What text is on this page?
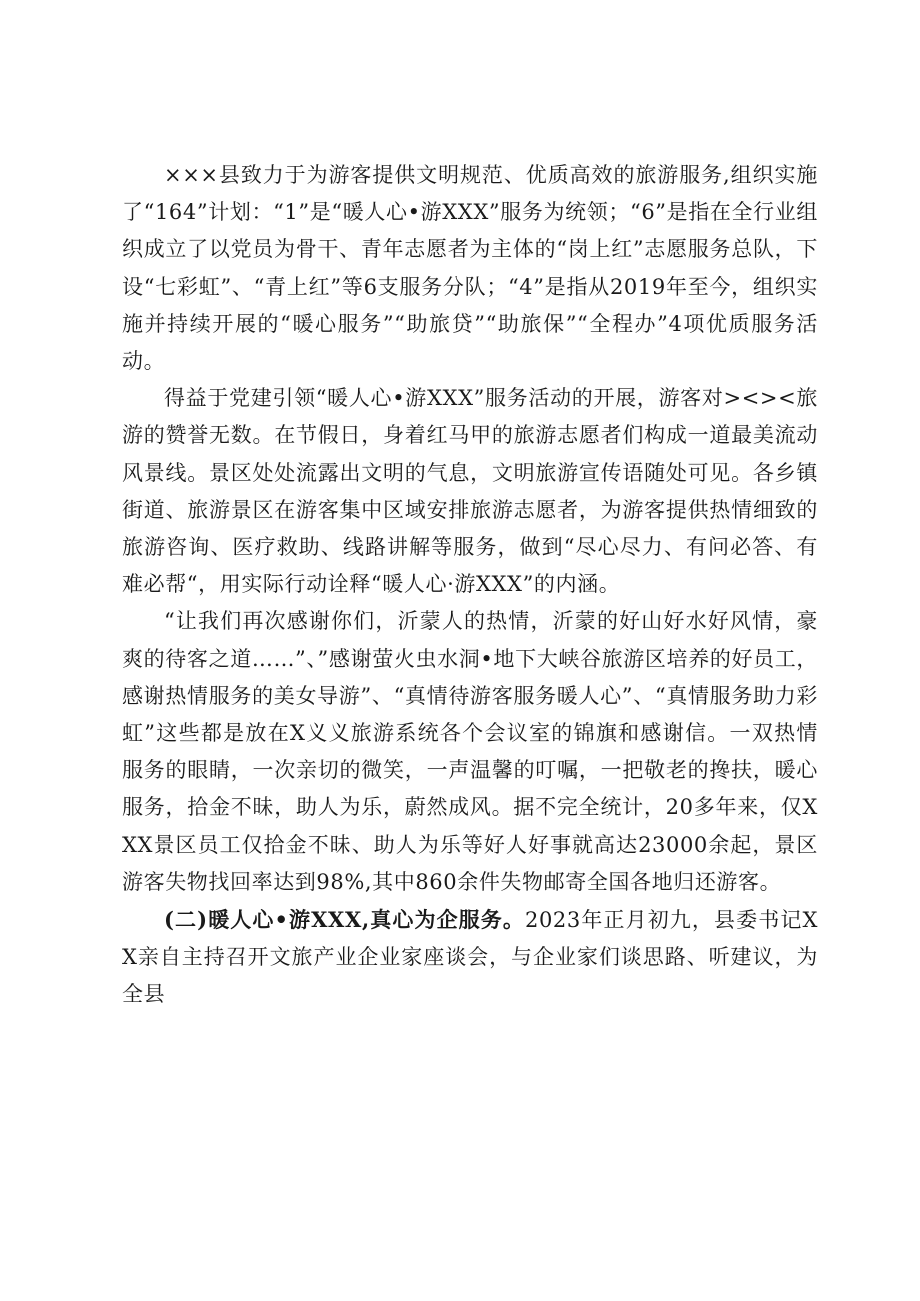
×××县致力于为游客提供文明规范、优质高效的旅游服务,组织实施了“164”计划：“1”是“暖人心•游XXX”服务为统领；“6”是指在全行业组织成立了以党员为骨干、青年志愿者为主体的“岗上红”志愿服务总队，下设“七彩虹”、“青上红”等6支服务分队；“4”是指从2019年至今，组织实施并持续开展的“暖心服务”“助旅贷”“助旅保”“全程办”4项优质服务活动。

得益于党建引领“暖人心•游XXX”服务活动的开展，游客对><><旅游的赞誉无数。在节假日，身着红马甲的旅游志愿者们构成一道最美流动风景线。景区处处流露出文明的气息，文明旅游宣传语随处可见。各乡镇街道、旅游景区在游客集中区域安排旅游志愿者，为游客提供热情细致的旅游咨询、医疗救助、线路讲解等服务，做到“尽心尽力、有问必答、有难必帮“，用实际行动诠释“暖人心·游XXX”的内涵。

“让我们再次感谢你们，沂蒙人的热情，沂蒙的好山好水好风情，豪爽的待客之道……”、”感谢萤火虫水洞•地下大峡谷旅游区培养的好员工，感谢热情服务的美女导游”、“真情待游客服务暖人心”、“真情服务助力彩虹”这些都是放在X义义旅游系统各个会议室的锦旗和感谢信。一双热情服务的眼睛，一次亲切的微笑，一声温馨的叮嘱，一把敬老的搀扶，暖心服务，拾金不昧，助人为乐，蔚然成风。据不完全统计，20多年来，仅XXX景区员工仅拾金不昧、助人为乐等好人好事就高达23000余起，景区游客失物找回率达到98%,其中860余件失物邮寄全国各地归还游客。

(二)暖人心•游XXX,真心为企服务。2023年正月初九，县委书记XX亲自主持召开文旅产业企业家座谈会，与企业家们谈思路、听建议，为全县
